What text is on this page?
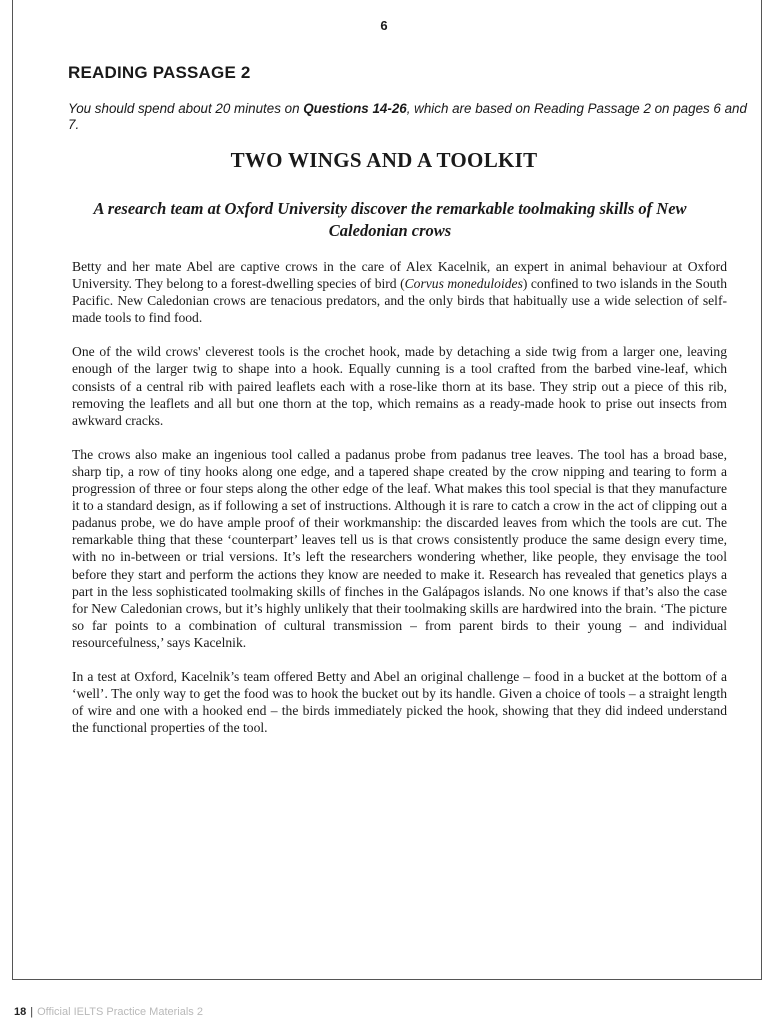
6
READING PASSAGE 2

You should spend about 20 minutes on Questions 14-26, which are based on Reading Passage 2 on pages 6 and 7.

TWO WINGS AND A TOOLKIT

A research team at Oxford University discover the remarkable toolmaking skills of New Caledonian crows

Betty and her mate Abel are captive crows in the care of Alex Kacelnik, an expert in animal behaviour at Oxford University. They belong to a forest-dwelling species of bird (Corvus moneduloides) confined to two islands in the South Pacific. New Caledonian crows are tenacious predators, and the only birds that habitually use a wide selection of self-made tools to find food.

One of the wild crows' cleverest tools is the crochet hook, made by detaching a side twig from a larger one, leaving enough of the larger twig to shape into a hook. Equally cunning is a tool crafted from the barbed vine-leaf, which consists of a central rib with paired leaflets each with a rose-like thorn at its base. They strip out a piece of this rib, removing the leaflets and all but one thorn at the top, which remains as a ready-made hook to prise out insects from awkward cracks.

The crows also make an ingenious tool called a padanus probe from padanus tree leaves. The tool has a broad base, sharp tip, a row of tiny hooks along one edge, and a tapered shape created by the crow nipping and tearing to form a progression of three or four steps along the other edge of the leaf. What makes this tool special is that they manufacture it to a standard design, as if following a set of instructions. Although it is rare to catch a crow in the act of clipping out a padanus probe, we do have ample proof of their workmanship: the discarded leaves from which the tools are cut. The remarkable thing that these ‘counterpart’ leaves tell us is that crows consistently produce the same design every time, with no in-between or trial versions. It’s left the researchers wondering whether, like people, they envisage the tool before they start and perform the actions they know are needed to make it. Research has revealed that genetics plays a part in the less sophisticated toolmaking skills of finches in the Galápagos islands. No one knows if that’s also the case for New Caledonian crows, but it’s highly unlikely that their toolmaking skills are hardwired into the brain. ‘The picture so far points to a combination of cultural transmission – from parent birds to their young – and individual resourcefulness,’ says Kacelnik.

In a test at Oxford, Kacelnik’s team offered Betty and Abel an original challenge – food in a bucket at the bottom of a ‘well’. The only way to get the food was to hook the bucket out by its handle. Given a choice of tools – a straight length of wire and one with a hooked end – the birds immediately picked the hook, showing that they did indeed understand the functional properties of the tool.

18 | Official IELTS Practice Materials 2
